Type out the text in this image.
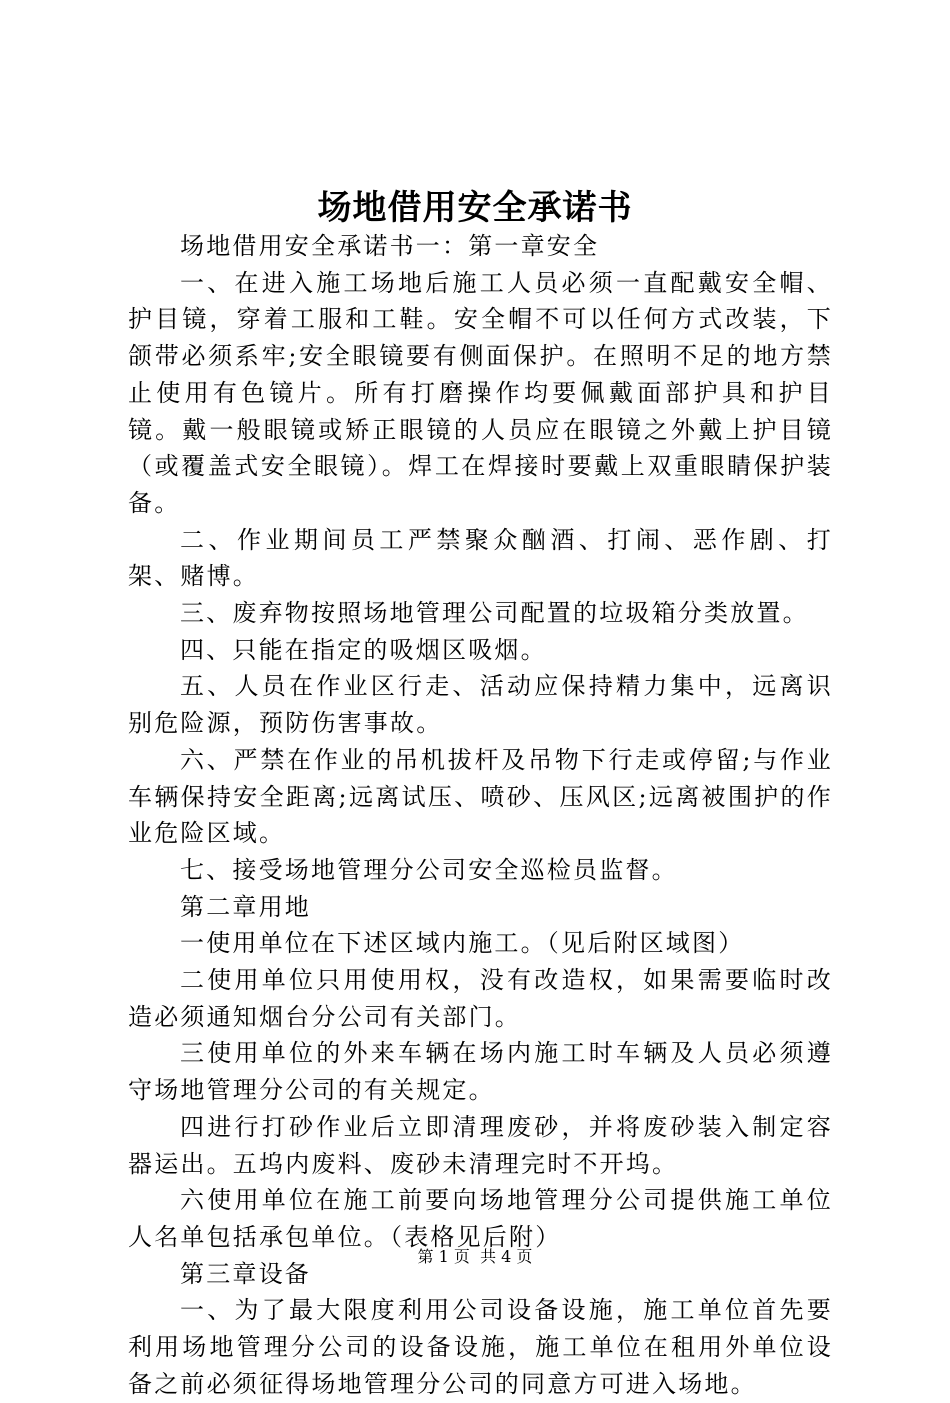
场地借用安全承诺书

场地借用安全承诺书一：第一章安全

一、在进入施工场地后施工人员必须一直配戴安全帽、护目镜，穿着工服和工鞋。安全帽不可以任何方式改装，下颌带必须系牢;安全眼镜要有侧面保护。在照明不足的地方禁止使用有色镜片。所有打磨操作均要佩戴面部护具和护目镜。戴一般眼镜或矫正眼镜的人员应在眼镜之外戴上护目镜（或覆盖式安全眼镜）。焊工在焊接时要戴上双重眼睛保护装备。

二、作业期间员工严禁聚众酗酒、打闹、恶作剧、打架、赌博。

三、废弃物按照场地管理公司配置的垃圾箱分类放置。

四、只能在指定的吸烟区吸烟。

五、人员在作业区行走、活动应保持精力集中，远离识别危险源，预防伤害事故。

六、严禁在作业的吊机拔杆及吊物下行走或停留;与作业车辆保持安全距离;远离试压、喷砂、压风区;远离被围护的作业危险区域。

七、接受场地管理分公司安全巡检员监督。

第二章用地

一使用单位在下述区域内施工。（见后附区域图）

二使用单位只用使用权，没有改造权，如果需要临时改造必须通知烟台分公司有关部门。

三使用单位的外来车辆在场内施工时车辆及人员必须遵守场地管理分公司的有关规定。

四进行打砂作业后立即清理废砂，并将废砂装入制定容器运出。五坞内废料、废砂未清理完时不开坞。

六使用单位在施工前要向场地管理分公司提供施工单位人名单包括承包单位。（表格见后附）

第三章设备

一、为了最大限度利用公司设备设施，施工单位首先要利用场地管理分公司的设备设施，施工单位在租用外单位设备之前必须征得场地管理分公司的同意方可进入场地。

第 1 页  共 4 页
